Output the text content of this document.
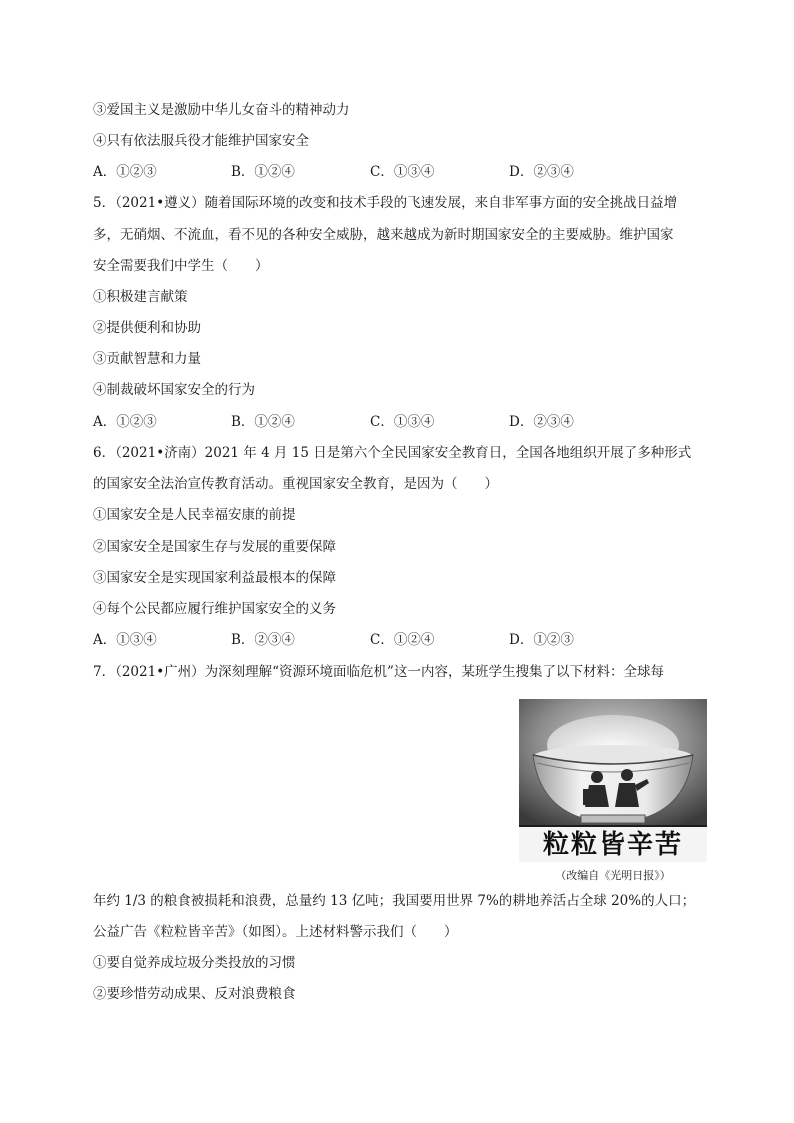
③爱国主义是激励中华儿女奋斗的精神动力
④只有依法服兵役才能维护国家安全
A．①②③	B．①②④	C．①③④	D．②③④
5．（2021•遵义）随着国际环境的改变和技术手段的飞速发展，来自非军事方面的安全挑战日益增
多，无硝烟、不流血，看不见的各种安全威胁，越来越成为新时期国家安全的主要威胁。维护国家
安全需要我们中学生（　　）
①积极建言献策
②提供便利和协助
③贡献智慧和力量
④制裁破坏国家安全的行为
A．①②③	B．①②④	C．①③④	D．②③④
6．（2021•济南）2021 年 4 月 15 日是第六个全民国家安全教育日，全国各地组织开展了多种形式
的国家安全法治宣传教育活动。重视国家安全教育，是因为（　　）
①国家安全是人民幸福安康的前提
②国家安全是国家生存与发展的重要保障
③国家安全是实现国家利益最根本的保障
④每个公民都应履行维护国家安全的义务
A．①③④	B．②③④	C．①②④	D．①②③
7．（2021•广州）为深刻理解“资源环境面临危机”这一内容，某班学生搜集了以下材料：全球每
粒粒皆辛苦
（改编自《光明日报》）
年约 1/3 的粮食被损耗和浪费，总量约 13 亿吨；我国要用世界 7%的耕地养活占全球 20%的人口；
公益广告《粒粒皆辛苦》（如图）。上述材料警示我们（　　）
①要自觉养成垃圾分类投放的习惯
②要珍惜劳动成果、反对浪费粮食
